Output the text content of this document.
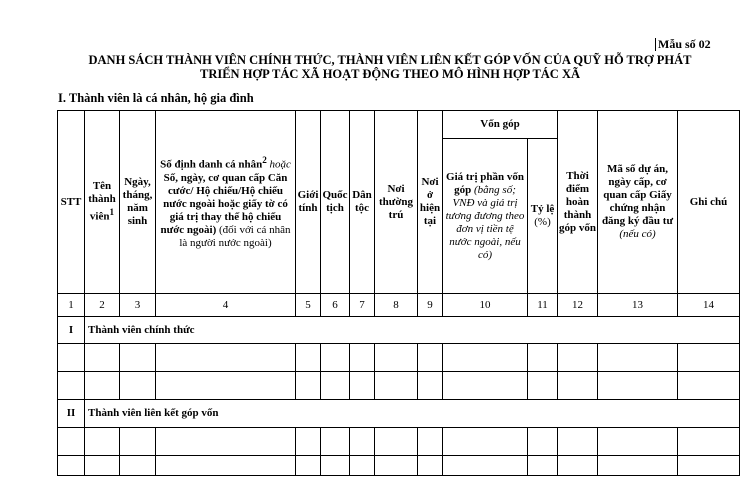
Mẫu số 02
DANH SÁCH THÀNH VIÊN CHÍNH THỨC, THÀNH VIÊN LIÊN KẾT GÓP VỐN CỦA QUỸ HỖ TRỢ PHÁT
TRIỂN HỢP TÁC XÃ HOẠT ĐỘNG THEO MÔ HÌNH HỢP TÁC XÃ
I. Thành viên là cá nhân, hộ gia đình
STT	Tên thành viên$^1$	Ngày, tháng, năm sinh	Số định danh cá nhân$^2$ hoặc Số, ngày, cơ quan cấp Căn cước/ Hộ chiếu/Hộ chiếu nước ngoài hoặc giấy tờ có giá trị thay thế hộ chiếu nước ngoài) (đối với cá nhân là người nước ngoài)	Giới tính	Quốc tịch	Dân tộc	Nơi thường trú	Nơi ở hiện tại	Vốn góp		Thời điểm hoàn thành góp vốn	Mã số dự án, ngày cấp, cơ quan cấp Giấy chứng nhận đăng ký đầu tư (nếu có)	Ghi chú
									Giá trị phần vốn góp (bằng số; VNĐ và giá trị tương đương theo đơn vị tiền tệ nước ngoài, nếu có)	Tỷ lệ (%)			
1	2	3	4	5	6	7	8	9	10	11	12	13	14
I	Thành viên chính thức												

II	Thành viên liên kết góp vốn												
